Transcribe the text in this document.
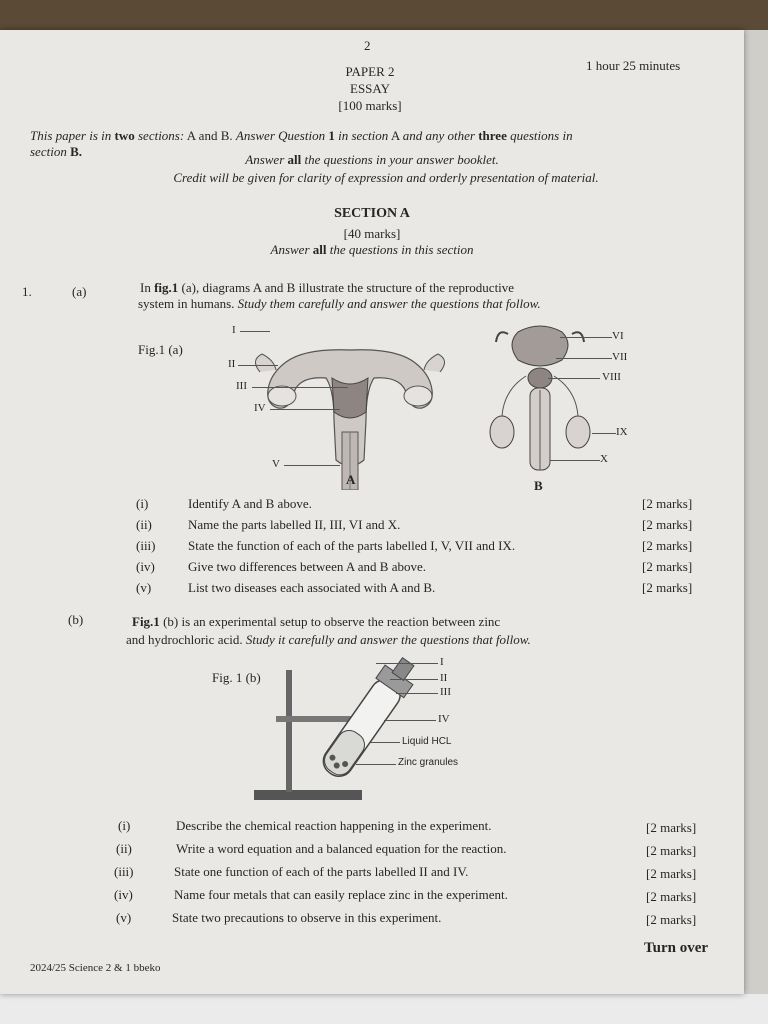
2
1 hour 25 minutes
PAPER 2
ESSAY
[100 marks]
This paper is in two sections: A and B. Answer Question 1 in section A and any other three questions in
section B.
Answer all the questions in your answer booklet.
Credit will be given for clarity of expression and orderly presentation of material.
SECTION A
[40 marks]
Answer all the questions in this section
1.	(a)	In fig.1 (a), diagrams A and B illustrate the structure of the reproductive
system in humans. Study them carefully and answer the questions that follow.
Fig.1 (a)
I
II
III
IV
V
A
VI
VII
VIII
IX
X
B
(i)	Identify A and B above.	[2 marks]
(ii)	Name the parts labelled II, III, VI and X.	[2 marks]
(iii)	State the function of each of the parts labelled I, V, VII and IX.	[2 marks]
(iv)	Give two differences between A and B above.	[2 marks]
(v)	List two diseases each associated with A and B.	[2 marks]
(b)	Fig.1 (b) is an experimental setup to observe the reaction between zinc
and hydrochloric acid. Study it carefully and answer the questions that follow.
Fig. 1 (b)
I
II
III
IV
Liquid HCL
Zinc granules
(i)	Describe the chemical reaction happening in the experiment.	[2 marks]
(ii)	Write a word equation and a balanced equation for the reaction.	[2 marks]
(iii)	State one function of each of the parts labelled II and IV.	[2 marks]
(iv)	Name four metals that can easily replace zinc in the experiment.	[2 marks]
(v)	State two precautions to observe in this experiment.	[2 marks]
Turn over
2024/25 Science 2 & 1 bbeko
